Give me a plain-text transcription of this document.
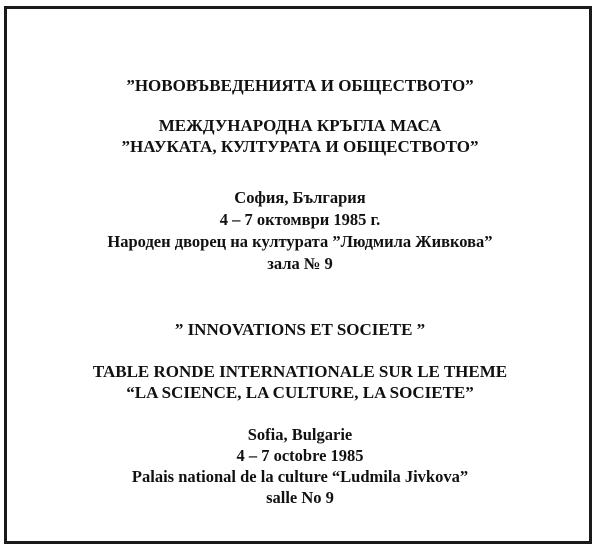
”НОВОВЪВЕДЕНИЯТА И ОБЩЕСТВОТО”
МЕЖДУНАРОДНА КРЪГЛА МАСА
”НАУКАТА, КУЛТУРАТА И ОБЩЕСТВОТО”
София, България
4 – 7 октомври 1985 г.
Народен дворец на културата ”Людмила Живкова”
зала № 9
” INNOVATIONS ET SOCIETE ”
TABLE RONDE INTERNATIONALE SUR LE THEME
“LA SCIENCE, LA CULTURE, LA SOCIETE”
Sofia, Bulgarie
4 – 7 octobre 1985
Palais national de la culture “Ludmila Jivkova”
salle No 9
